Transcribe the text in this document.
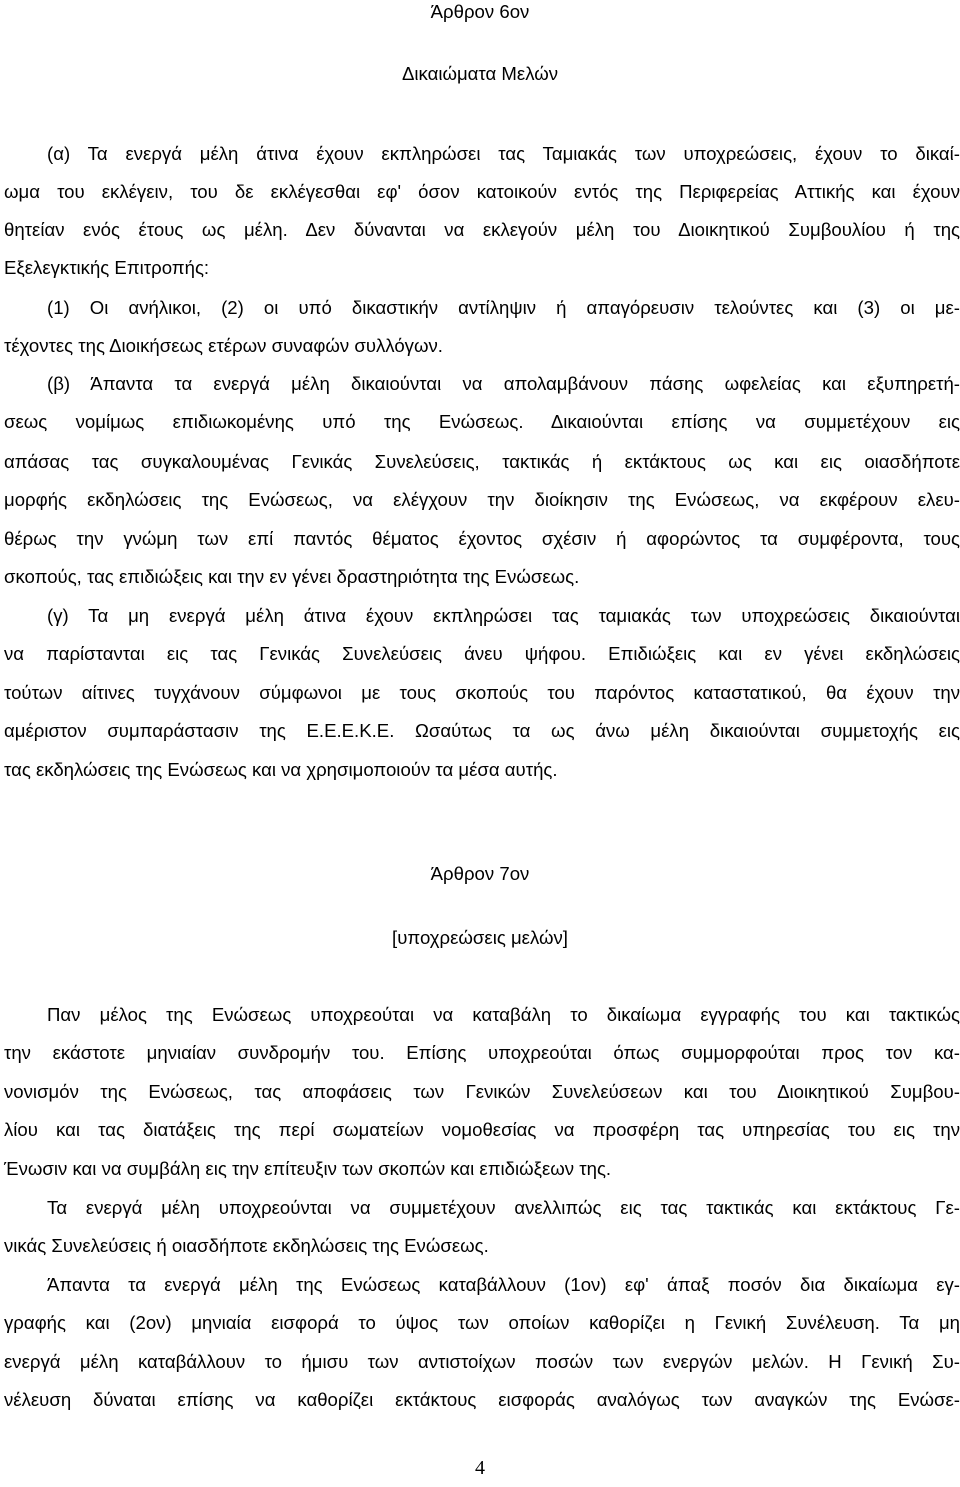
Άρθρον 6ον
Δικαιώματα Μελών
(α) Τα ενεργά μέλη άτινα έχουν εκπληρώσει τας Ταμιακάς των υποχρεώσεις, έχουν το δικαί-
ωμα του εκλέγειν, του δε εκλέγεσθαι εφ' όσον κατοικούν εντός της Περιφερείας Αττικής και έχουν
θητείαν ενός έτους ως μέλη. Δεν δύνανται να εκλεγούν μέλη του Διοικητικού Συμβουλίου ή της
Εξελεγκτικής Επιτροπής:
(1) Οι ανήλικοι, (2) οι υπό δικαστικήν αντίληψιν ή απαγόρευσιν τελούντες και (3) οι με-
τέχοντες της Διοικήσεως ετέρων συναφών συλλόγων.
(β) Άπαντα τα ενεργά μέλη δικαιούνται να απολαμβάνουν πάσης ωφελείας και εξυπηρετή-
σεως νομίμως επιδιωκομένης υπό της Ενώσεως. Δικαιούνται επίσης να συμμετέχουν εις
απάσας τας συγκαλουμένας Γενικάς Συνελεύσεις, τακτικάς ή εκτάκτους ως και εις οιασδήποτε
μορφής εκδηλώσεις της Ενώσεως, να ελέγχουν την διοίκησιν της Ενώσεως, να εκφέρουν ελευ-
θέρως την γνώμη των επί παντός θέματος έχοντος σχέσιν ή αφορώντος τα συμφέροντα, τους
σκοπούς, τας επιδιώξεις και την εν γένει δραστηριότητα της Ενώσεως.
(γ) Τα μη ενεργά μέλη άτινα έχουν εκπληρώσει τας ταμιακάς των υποχρεώσεις δικαιούνται
να παρίστανται εις τας Γενικάς Συνελεύσεις άνευ ψήφου. Επιδιώξεις και εν γένει εκδηλώσεις
τούτων αίτινες τυγχάνουν σύμφωνοι με τους σκοπούς του παρόντος καταστατικού, θα έχουν την
αμέριστον συμπαράστασιν της Ε.Ε.Ε.Κ.Ε. Ωσαύτως τα ως άνω μέλη δικαιούνται συμμετοχής εις
τας εκδηλώσεις της Ενώσεως και να χρησιμοποιούν τα μέσα αυτής.
Άρθρον 7ον
[υποχρεώσεις μελών]
Παν μέλος της Ενώσεως υποχρεούται να καταβάλη το δικαίωμα εγγραφής του και τακτικώς
την εκάστοτε μηνιαίαν συνδρομήν του. Επίσης υποχρεούται όπως συμμορφούται προς τον κα-
νονισμόν της Ενώσεως, τας αποφάσεις των Γενικών Συνελεύσεων και του Διοικητικού Συμβου-
λίου και τας διατάξεις της περί σωματείων νομοθεσίας να προσφέρη τας υπηρεσίας του εις την
Ένωσιν και να συμβάλη εις την επίτευξιν των σκοπών και επιδιώξεων της.
Τα ενεργά μέλη υποχρεούνται να συμμετέχουν ανελλιπώς εις τας τακτικάς και εκτάκτους Γε-
νικάς Συνελεύσεις ή οιασδήποτε εκδηλώσεις της Ενώσεως.
Άπαντα τα ενεργά μέλη της Ενώσεως καταβάλλουν (1ον) εφ' άπαξ ποσόν δια δικαίωμα εγ-
γραφής και (2ον) μηνιαία εισφορά το ύψος των οποίων καθορίζει η Γενική Συνέλευση. Τα μη
ενεργά μέλη καταβάλλουν το ήμισυ των αντιστοίχων ποσών των ενεργών μελών. Η Γενική Συ-
νέλευση δύναται επίσης να καθορίζει εκτάκτους εισφοράς αναλόγως των αναγκών της Ενώσε-
4
